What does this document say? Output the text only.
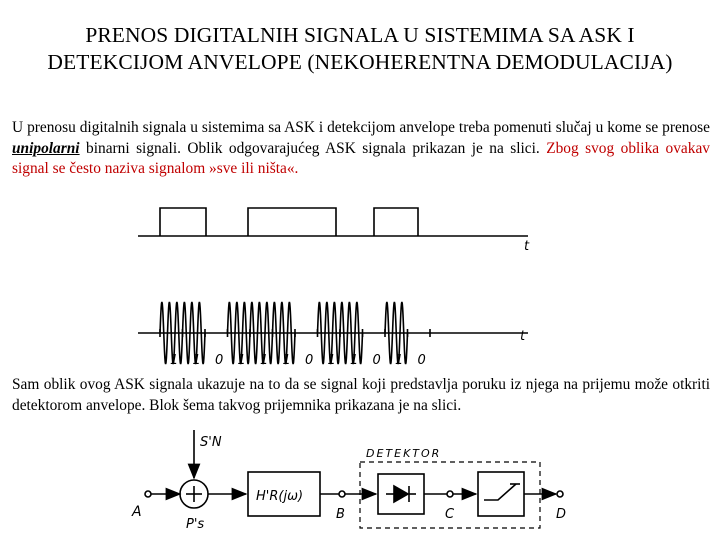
PRENOS DIGITALNIH SIGNALA U SISTEMIMA SA ASK I
DETEKCIJOM ANVELOPE (NEKOHERENTNA DEMODULACIJA)
U prenosu digitalnih signala u sistemima sa ASK i detekcijom anvelope treba pomenuti slučaj u kome se prenose unipolarni binarni signali. Oblik odgovarajućeg ASK signala prikazan je na slici. Zbog svog oblika ovakav signal se često naziva signalom »sve ili ništa«.
t
t
1 1 0 1 1 1 0 1 1 0 1 0
Sam oblik ovog ASK signala ukazuje na to da se signal koji predstavlja poruku iz njega na prijemu može otkriti detektorom anvelope. Blok šema takvog prijemnika prikazana je na slici.
A
S'N
P's
H'R(jω)
B
DETEKTOR
C	D
